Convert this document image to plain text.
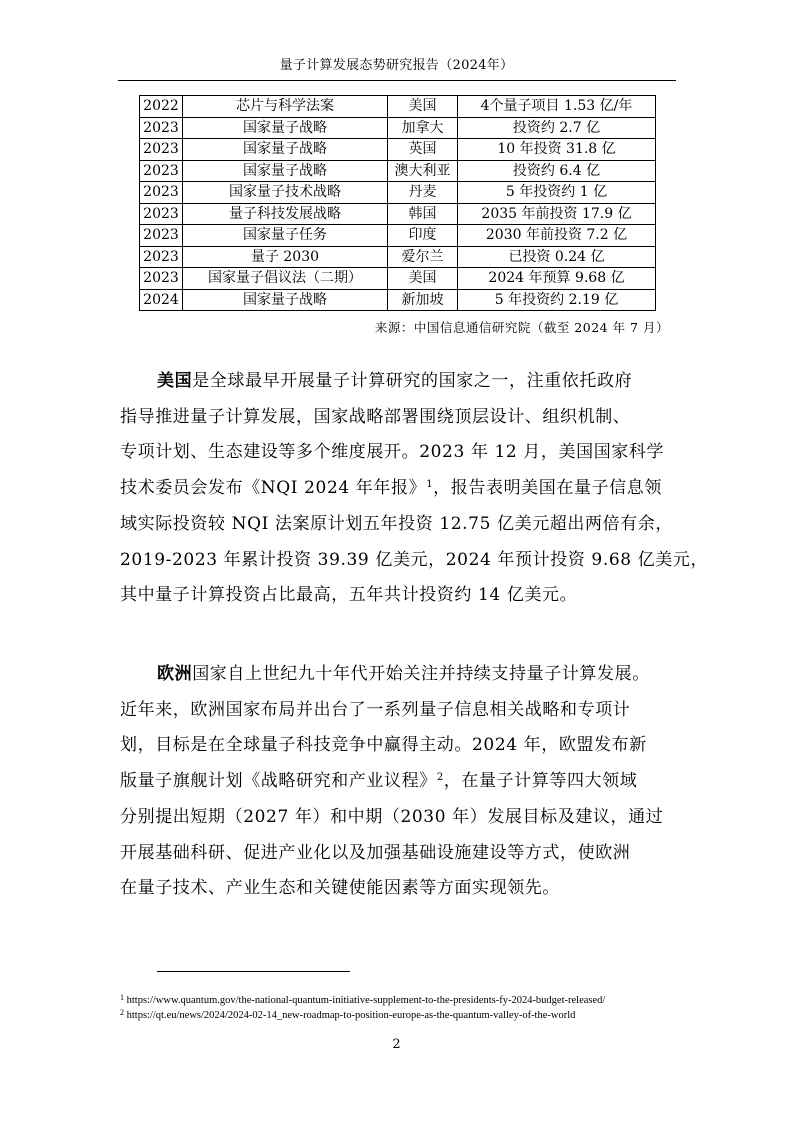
量子计算发展态势研究报告（2024年）
2022	芯片与科学法案	美国	4个量子项目 1.53 亿/年
2023	国家量子战略	加拿大	投资约 2.7 亿
2023	国家量子战略	英国	10 年投资 31.8 亿
2023	国家量子战略	澳大利亚	投资约 6.4 亿
2023	国家量子技术战略	丹麦	5 年投资约 1 亿
2023	量子科技发展战略	韩国	2035 年前投资 17.9 亿
2023	国家量子任务	印度	2030 年前投资 7.2 亿
2023	量子 2030	爱尔兰	已投资 0.24 亿
2023	国家量子倡议法（二期）	美国	2024 年预算 9.68 亿
2024	国家量子战略	新加坡	5 年投资约 2.19 亿
来源：中国信息通信研究院（截至 2024 年 7 月）
美国是全球最早开展量子计算研究的国家之一，注重依托政府
指导推进量子计算发展，国家战略部署围绕顶层设计、组织机制、
专项计划、生态建设等多个维度展开。2023 年 12 月，美国国家科学
技术委员会发布《NQI 2024 年年报》$^1$，报告表明美国在量子信息领
域实际投资较 NQI 法案原计划五年投资 12.75 亿美元超出两倍有余，
2019-2023 年累计投资 39.39 亿美元，2024 年预计投资 9.68 亿美元，
其中量子计算投资占比最高，五年共计投资约 14 亿美元。
欧洲国家自上世纪九十年代开始关注并持续支持量子计算发展。
近年来，欧洲国家布局并出台了一系列量子信息相关战略和专项计
划，目标是在全球量子科技竞争中赢得主动。2024 年，欧盟发布新
版量子旗舰计划《战略研究和产业议程》$^2$，在量子计算等四大领域
分别提出短期（2027 年）和中期（2030 年）发展目标及建议，通过
开展基础科研、促进产业化以及加强基础设施建设等方式，使欧洲
在量子技术、产业生态和关键使能因素等方面实现领先。
$^1$ https://www.quantum.gov/the-national-quantum-initiative-supplement-to-the-presidents-fy-2024-budget-released/
$^2$ https://qt.eu/news/2024/2024-02-14_new-roadmap-to-position-europe-as-the-quantum-valley-of-the-world
2
